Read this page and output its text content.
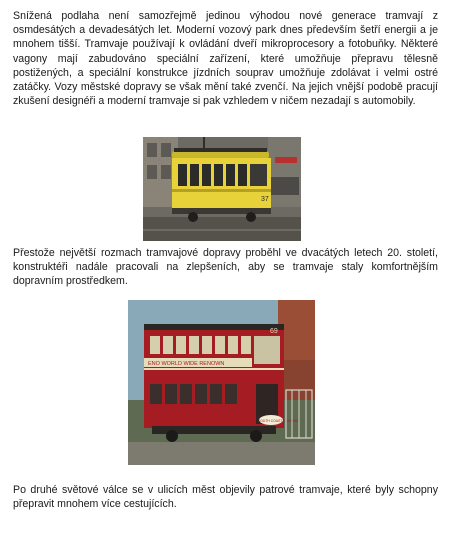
Snížená podlaha není samozřejmě jedinou výhodou nové generace tramvají z osmdesátých a devadesátých let. Moderní vozový park dnes především šetří energii a je mnohem tišší. Tramvaje používají k ovládání dveří mikroprocesory a fotobuňky. Některé vagony mají zabudováno speciální zařízení, které umožňuje přepravu tělesně postižených, a speciální konstrukce jízdních souprav umožňuje zdolávat i velmi ostré zatáčky. Vozy městské dopravy se však mění také zvenčí. Na jejich vnější podobě pracují zkušení designéři a moderní tramvaje si pak vzhledem v ničem nezadají s automobily.

37

Přestože největší rozmach tramvajové dopravy proběhl ve dvacátých letech 20. století, konstruktéři nadále pracovali na zlepšeních, aby se tramvaje staly komfortnějším dopravním prostředkem.

ENO WORLD WIDE RENOWN
69
SOUTH COAST TRAMWAY

Po druhé světové válce se v ulicích měst objevily patrové tramvaje, které byly schopny přepravit mnohem více cestujících.
